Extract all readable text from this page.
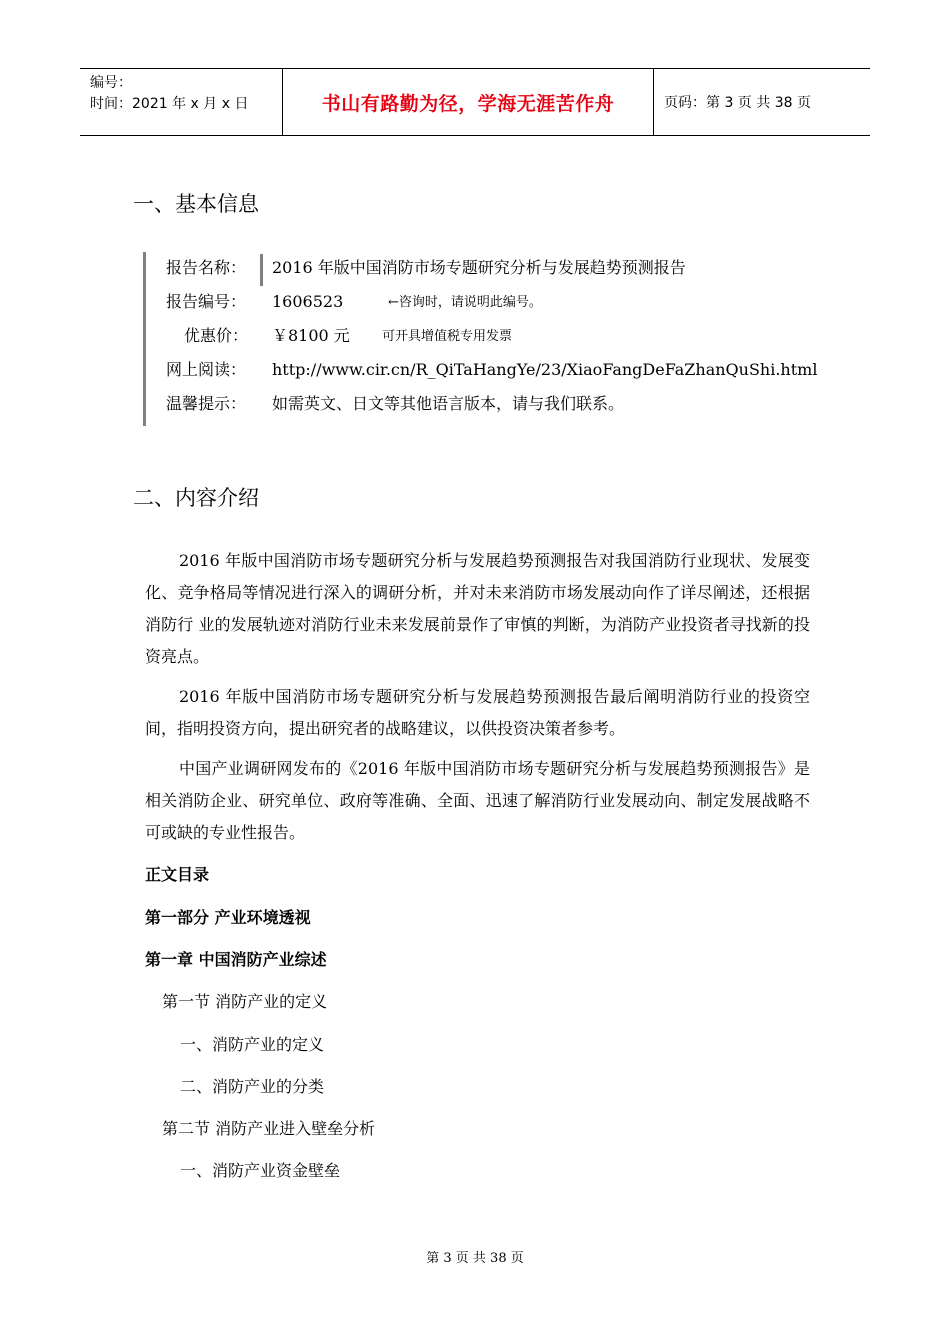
编号：
时间：2021 年 x 月 x 日	书山有路勤为径，学海无涯苦作舟	页码：第 3 页 共 38 页
一、基本信息
报告名称：	2016 年版中国消防市场专题研究分析与发展趋势预测报告
报告编号：	1606523	←咨询时，请说明此编号。
优惠价：	￥8100 元 可开具增值税专用发票
网上阅读：	http://www.cir.cn/R_QiTaHangYe/23/XiaoFangDeFaZhanQuShi.html
温馨提示：	如需英文、日文等其他语言版本，请与我们联系。
二、内容介绍
2016 年版中国消防市场专题研究分析与发展趋势预测报告对我国消防行业现状、发展变化、竞争格局等情况进行深入的调研分析，并对未来消防市场发展动向作了详尽阐述，还根据消防行 业的发展轨迹对消防行业未来发展前景作了审慎的判断，为消防产业投资者寻找新的投资亮点。
2016 年版中国消防市场专题研究分析与发展趋势预测报告最后阐明消防行业的投资空间，指明投资方向，提出研究者的战略建议，以供投资决策者参考。
中国产业调研网发布的《2016 年版中国消防市场专题研究分析与发展趋势预测报告》是相关消防企业、研究单位、政府等准确、全面、迅速了解消防行业发展动向、制定发展战略不可或缺的专业性报告。
正文目录
第一部分 产业环境透视
第一章 中国消防产业综述
第一节 消防产业的定义
一、消防产业的定义
二、消防产业的分类
第二节 消防产业进入壁垒分析
一、消防产业资金壁垒
第 3 页 共 38 页
